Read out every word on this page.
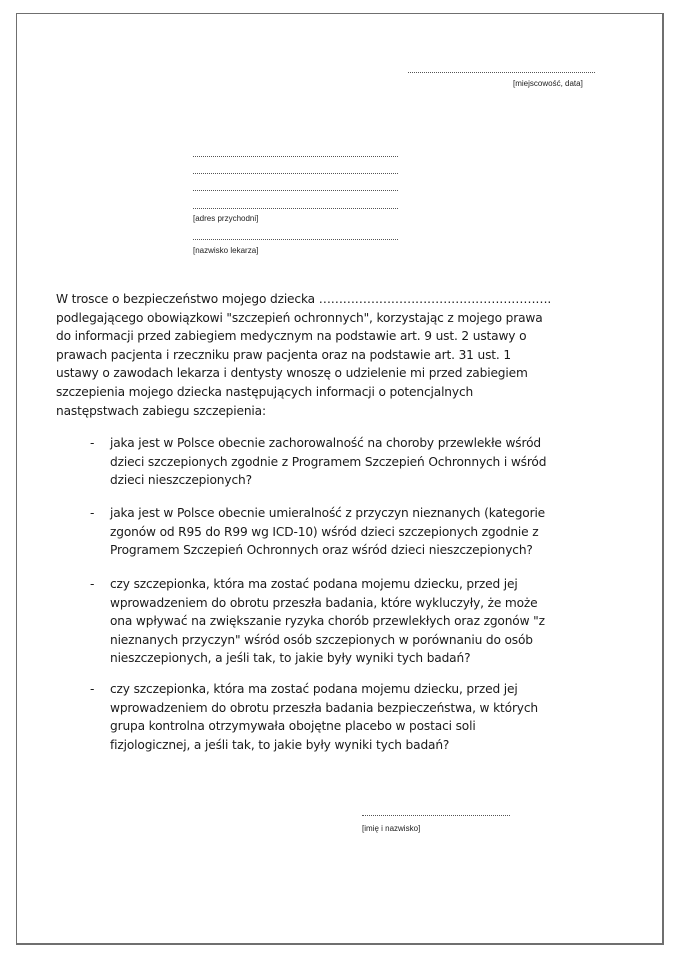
[miejscowość, data]
[adres przychodni]
[nazwisko lekarza]
W trosce o bezpieczeństwo mojego dziecka ………………………………………………….
podlegającego obowiązkowi "szczepień ochronnych", korzystając z mojego prawa
do informacji przed zabiegiem medycznym na podstawie art. 9 ust. 2 ustawy o
prawach pacjenta i rzeczniku praw pacjenta oraz na podstawie art. 31 ust. 1
ustawy o zawodach lekarza i dentysty wnoszę o udzielenie mi przed zabiegiem
szczepienia mojego dziecka następujących informacji o potencjalnych
następstwach zabiegu szczepienia:
- jaka jest w Polsce obecnie zachorowalność na choroby przewlekłe wśród
dzieci szczepionych zgodnie z Programem Szczepień Ochronnych i wśród
dzieci nieszczepionych?
- jaka jest w Polsce obecnie umieralność z przyczyn nieznanych (kategorie
zgonów od R95 do R99 wg ICD-10) wśród dzieci szczepionych zgodnie z
Programem Szczepień Ochronnych oraz wśród dzieci nieszczepionych?
- czy szczepionka, która ma zostać podana mojemu dziecku, przed jej
wprowadzeniem do obrotu przeszła badania, które wykluczyły, że może
ona wpływać na zwiększanie ryzyka chorób przewlekłych oraz zgonów "z
nieznanych przyczyn" wśród osób szczepionych w porównaniu do osób
nieszczepionych, a jeśli tak, to jakie były wyniki tych badań?
- czy szczepionka, która ma zostać podana mojemu dziecku, przed jej
wprowadzeniem do obrotu przeszła badania bezpieczeństwa, w których
grupa kontrolna otrzymywała obojętne placebo w postaci soli
fizjologicznej, a jeśli tak, to jakie były wyniki tych badań?
[imię i nazwisko]
